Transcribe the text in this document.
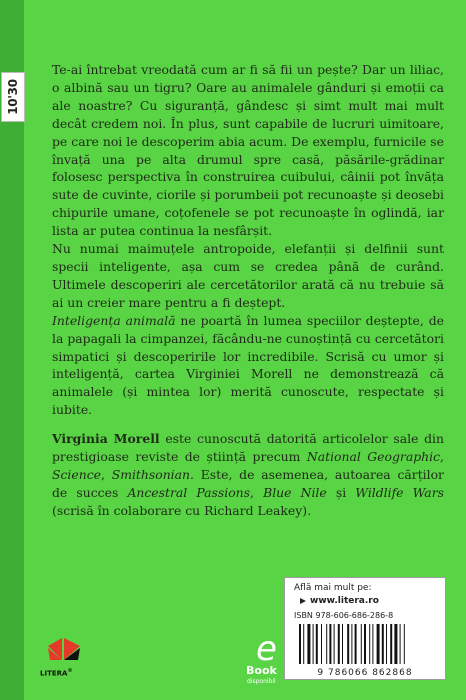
10'30

Te-ai întrebat vreodată cum ar fi să fii un pește? Dar un liliac, o albină sau un tigru? Oare au animalele gânduri și emoții ca ale noastre? Cu siguranță, gândesc și simt mult mai mult decât credem noi. În plus, sunt capabile de lucruri uimitoare, pe care noi le descoperim abia acum. De exemplu, furnicile se învață una pe alta drumul spre casă, păsările-grădinar folosesc perspectiva în construirea cuibului, câinii pot învăța sute de cuvinte, ciorile și porumbeii pot recunoaște și deosebi chipurile umane, coțofenele se pot recunoaște în oglindă, iar lista ar putea continua la nesfârșit.

Nu numai maimuțele antropoide, elefanții și delfinii sunt specii inteligente, așa cum se credea până de curând. Ultimele descoperiri ale cercetătorilor arată că nu trebuie să ai un creier mare pentru a fi deștept.

Inteligența animală ne poartă în lumea speciilor deștepte, de la papagali la cimpanzei, făcându-ne cunoștință cu cercetători simpatici și descoperirile lor incredibile. Scrisă cu umor și inteligență, cartea Virginiei Morell ne demonstrează că animalele (și mintea lor) merită cunoscute, respectate și iubite.

Virginia Morell este cunoscută datorită articolelor sale din prestigioase reviste de știință precum National Geographic, Science, Smithsonian. Este, de asemenea, autoarea cărților de succes Ancestral Passions, Blue Nile și Wildlife Wars (scrisă în colaborare cu Richard Leakey).
LITERA®
e
Book
disponibil
Află mai mult pe:
www.litera.ro
ISBN 978-606-686-286-8
9 786066 862868
